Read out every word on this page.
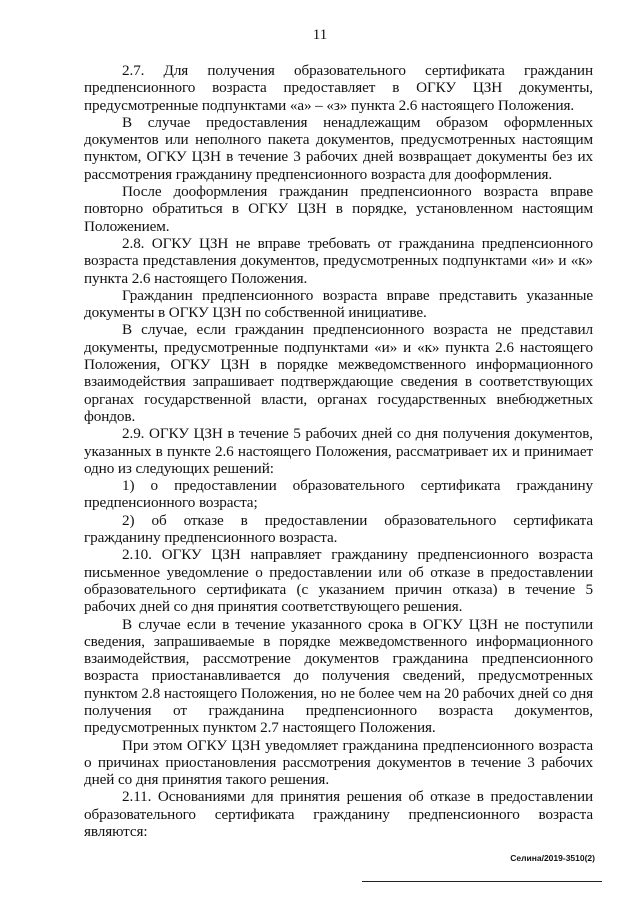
11

2.7. Для получения образовательного сертификата гражданин предпенсионного возраста предоставляет в ОГКУ ЦЗН документы, предусмотренные подпунктами «а» – «з» пункта 2.6 настоящего Положения.

В случае предоставления ненадлежащим образом оформленных документов или неполного пакета документов, предусмотренных настоящим пунктом, ОГКУ ЦЗН в течение 3 рабочих дней возвращает документы без их рассмотрения гражданину предпенсионного возраста для дооформления.

После дооформления гражданин предпенсионного возраста вправе повторно обратиться в ОГКУ ЦЗН в порядке, установленном настоящим Положением.

2.8. ОГКУ ЦЗН не вправе требовать от гражданина предпенсионного возраста представления документов, предусмотренных подпунктами «и» и «к» пункта 2.6 настоящего Положения.

Гражданин предпенсионного возраста вправе представить указанные документы в ОГКУ ЦЗН по собственной инициативе.

В случае, если гражданин предпенсионного возраста не представил документы, предусмотренные подпунктами «и» и «к» пункта 2.6 настоящего Положения, ОГКУ ЦЗН в порядке межведомственного информационного взаимодействия запрашивает подтверждающие сведения в соответствующих органах государственной власти, органах государственных внебюджетных фондов.

2.9. ОГКУ ЦЗН в течение 5 рабочих дней со дня получения документов, указанных в пункте 2.6 настоящего Положения, рассматривает их и принимает одно из следующих решений:

1) о предоставлении образовательного сертификата гражданину предпенсионного возраста;

2) об отказе в предоставлении образовательного сертификата гражданину предпенсионного возраста.

2.10. ОГКУ ЦЗН направляет гражданину предпенсионного возраста письменное уведомление о предоставлении или об отказе в предоставлении образовательного сертификата (с указанием причин отказа) в течение 5 рабочих дней со дня принятия соответствующего решения.

В случае если в течение указанного срока в ОГКУ ЦЗН не поступили сведения, запрашиваемые в порядке межведомственного информационного взаимодействия, рассмотрение документов гражданина предпенсионного возраста приостанавливается до получения сведений, предусмотренных пунктом 2.8 настоящего Положения, но не более чем на 20 рабочих дней со дня получения от гражданина предпенсионного возраста документов, предусмотренных пунктом 2.7 настоящего Положения.

При этом ОГКУ ЦЗН уведомляет гражданина предпенсионного возраста о причинах приостановления рассмотрения документов в течение 3 рабочих дней со дня принятия такого решения.

2.11. Основаниями для принятия решения об отказе в предоставлении образовательного сертификата гражданину предпенсионного возраста являются:

Селина/2019-3510(2)
